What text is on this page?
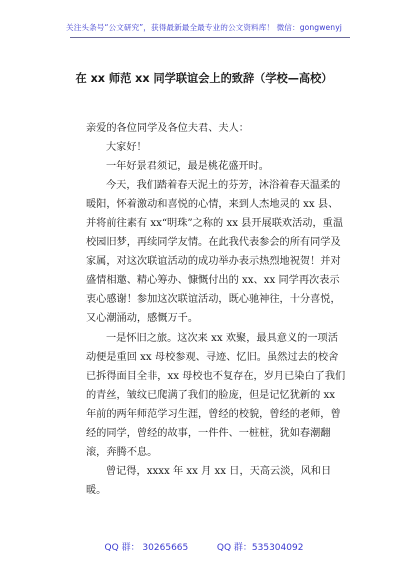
关注头条号“公文研究”，获得最新最全最专业的公文资料库！ 微信：gongwenyj
在 xx 师范 xx 同学联谊会上的致辞（学校—高校）

亲爱的各位同学及各位夫君、夫人：

大家好！

一年好景君须记，最是桃花盛开时。

今天，我们踏着春天泥土的芬芳，沐浴着春天温柔的暖阳，怀着激动和喜悦的心情，来到人杰地灵的 xx 县、并将前往素有 xx“明珠”之称的 xx 县开展联欢活动，重温校园旧梦，再续同学友情。在此我代表参会的所有同学及家属，对这次联谊活动的成功举办表示热烈地祝贺！并对盛情相邀、精心筹办、慷慨付出的 xx、xx 同学再次表示衷心感谢！参加这次联谊活动，既心驰神往，十分喜悦，又心潮涌动，感慨万千。

一是怀旧之旅。这次来 xx 欢聚，最具意义的一项活动便是重回 xx 母校参观、寻迹、忆旧。虽然过去的校舍已拆得面目全非，xx 母校也不复存在，岁月已染白了我们的青丝，皱纹已爬满了我们的脸庞，但是记忆犹新的 xx 年前的两年师范学习生涯，曾经的校貌，曾经的老师，曾经的同学，曾经的故事，一件件、一桩桩，犹如春潮翻滚，奔腾不息。

曾记得，xxxx 年 xx 月 xx 日，天高云淡，风和日暖。

QQ 群： 30265665	QQ 群：535304092
